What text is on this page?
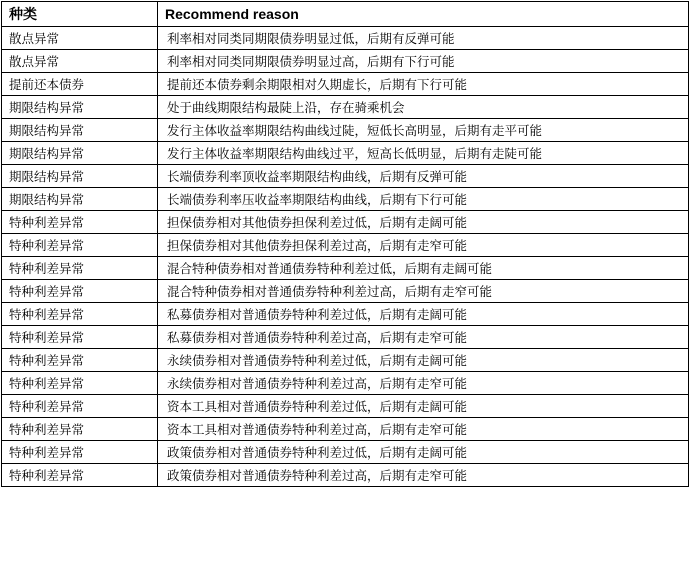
种类	Recommend reason
散点异常	利率相对同类同期限债券明显过低，后期有反弹可能
散点异常	利率相对同类同期限债券明显过高，后期有下行可能
提前还本债券	提前还本债券剩余期限相对久期虚长，后期有下行可能
期限结构异常	处于曲线期限结构最陡上沿，存在骑乘机会
期限结构异常	发行主体收益率期限结构曲线过陡，短低长高明显，后期有走平可能
期限结构异常	发行主体收益率期限结构曲线过平，短高长低明显，后期有走陡可能
期限结构异常	长端债券利率顶收益率期限结构曲线，后期有反弹可能
期限结构异常	长端债券利率压收益率期限结构曲线，后期有下行可能
特种利差异常	担保债券相对其他债券担保利差过低，后期有走阔可能
特种利差异常	担保债券相对其他债券担保利差过高，后期有走窄可能
特种利差异常	混合特种债券相对普通债券特种利差过低，后期有走阔可能
特种利差异常	混合特种债券相对普通债券特种利差过高，后期有走窄可能
特种利差异常	私募债券相对普通债券特种利差过低，后期有走阔可能
特种利差异常	私募债券相对普通债券特种利差过高，后期有走窄可能
特种利差异常	永续债券相对普通债券特种利差过低，后期有走阔可能
特种利差异常	永续债券相对普通债券特种利差过高，后期有走窄可能
特种利差异常	资本工具相对普通债券特种利差过低，后期有走阔可能
特种利差异常	资本工具相对普通债券特种利差过高，后期有走窄可能
特种利差异常	政策债券相对普通债券特种利差过低，后期有走阔可能
特种利差异常	政策债券相对普通债券特种利差过高，后期有走窄可能
